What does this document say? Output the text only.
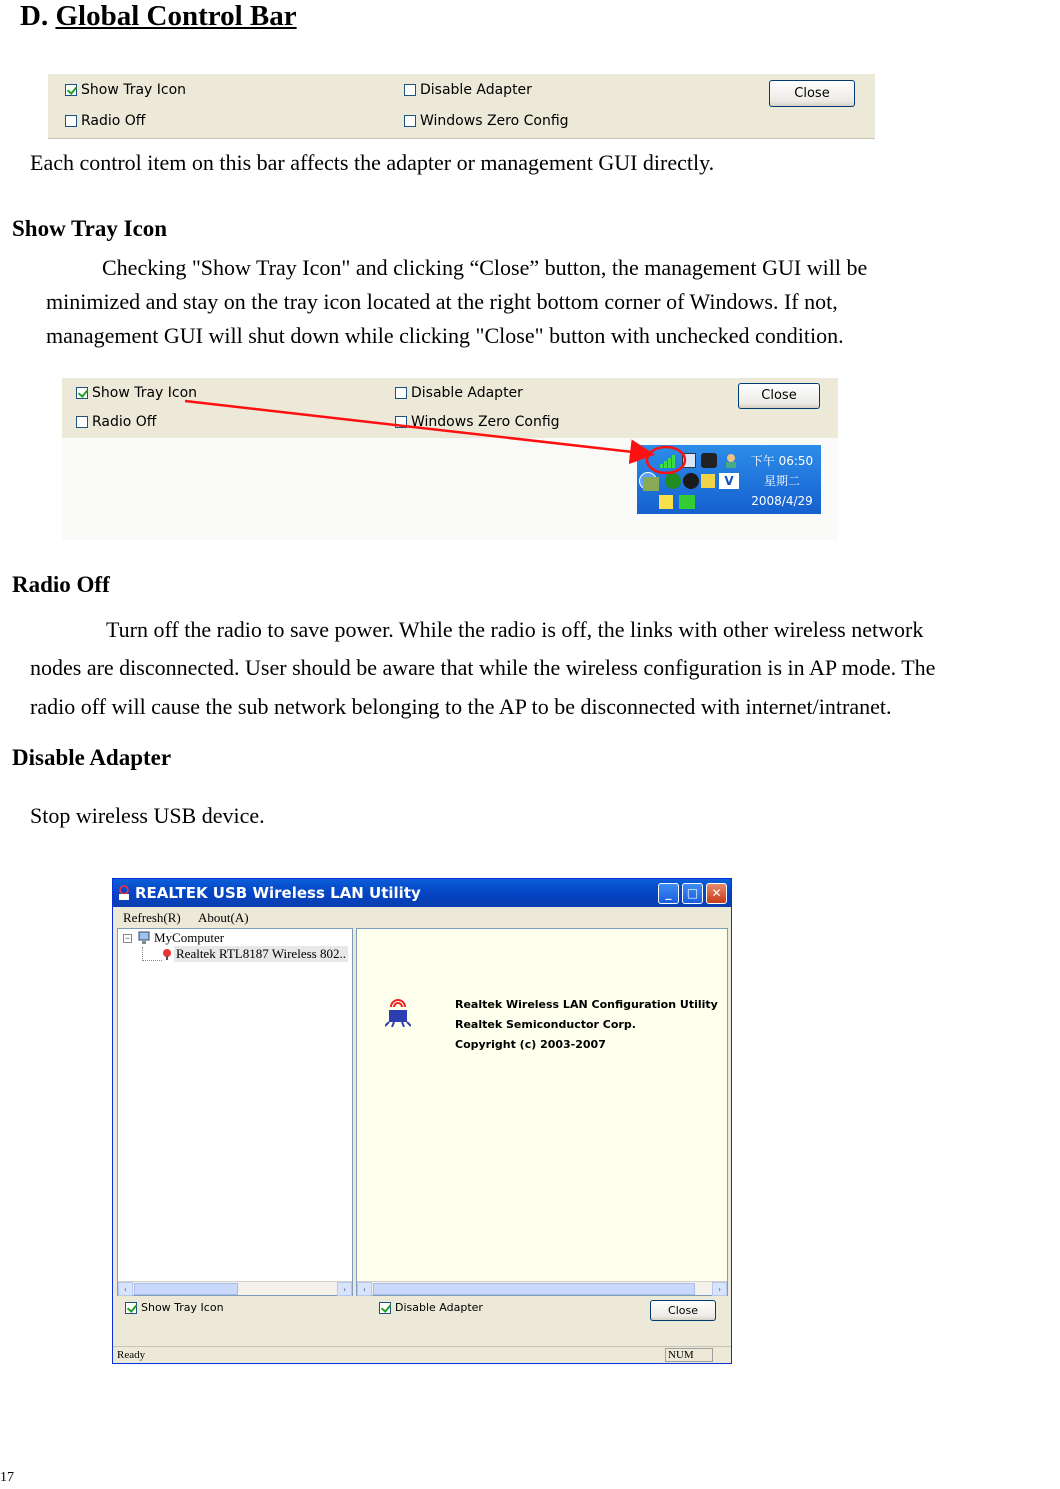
D. Global Control Bar
Show Tray Icon
Radio Off
Disable Adapter
Windows Zero Config
Close
Each control item on this bar affects the adapter or management GUI directly.
Show Tray Icon
Checking "Show Tray Icon" and clicking “Close” button, the management GUI will be
minimized and stay on the tray icon located at the right bottom corner of Windows. If not,
management GUI will shut down while clicking "Close" button with unchecked condition.
Show Tray Icon
Radio Off
Disable Adapter
Windows Zero Config
Close
V
下午 06:50
星期二
2008/4/29
Radio Off
Turn off the radio to save power. While the radio is off, the links with other wireless network
nodes are disconnected. User should be aware that while the wireless configuration is in AP mode. The
radio off will cause the sub network belonging to the AP to be disconnected with internet/intranet.
Disable Adapter
Stop wireless USB device.
REALTEK USB Wireless LAN Utility	_	□	✕
Refresh(R) About(A)
− MyComputer
Realtek RTL8187 Wireless 802..
‹	›
Realtek Wireless LAN Configuration Utility
Realtek Semiconductor Corp.
Copyright (c) 2003-2007
‹	›
Show Tray Icon	Disable Adapter	Close
Ready	NUM
17
